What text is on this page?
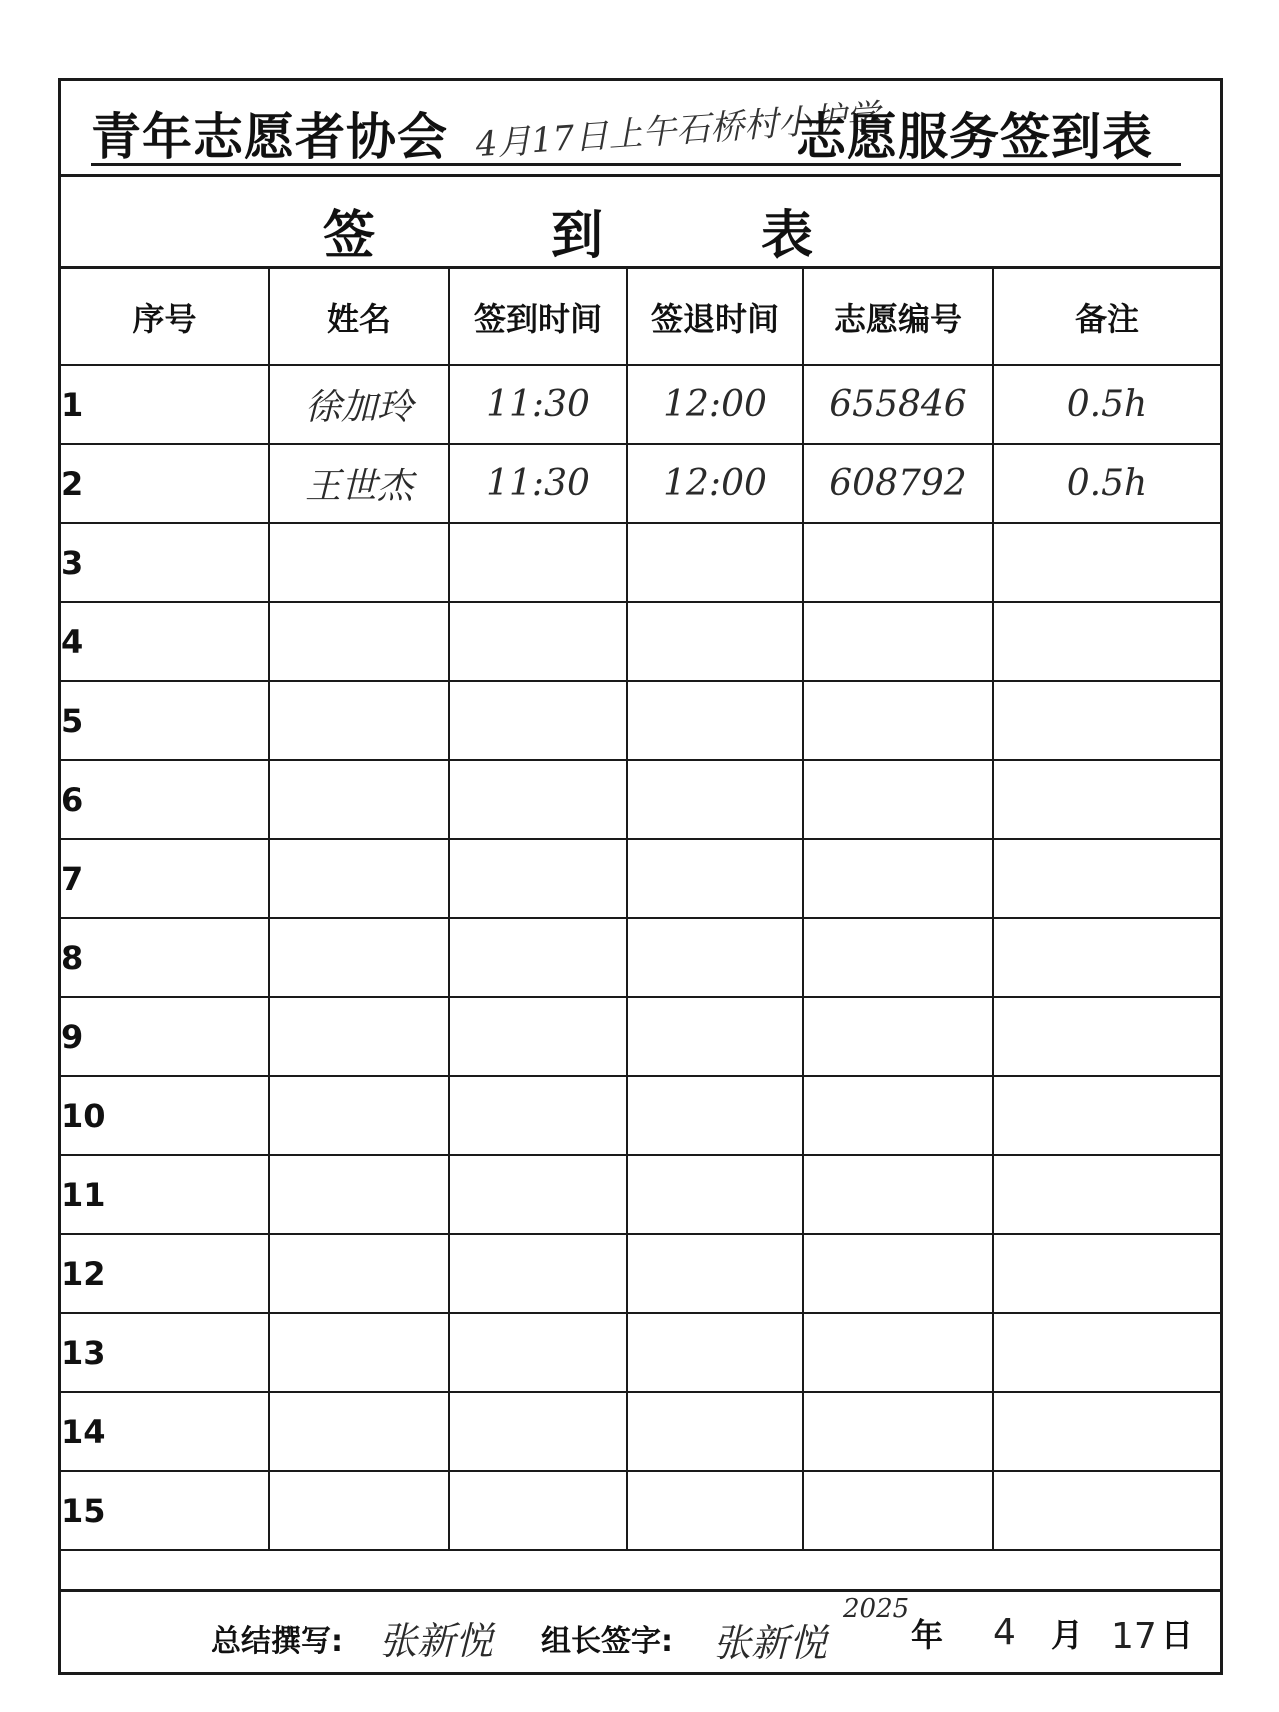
青年志愿者协会 4月17日上午石桥村小护学
志愿服务签到表
签	到	表
序号	姓名	签到时间	签退时间	志愿编号	备注
1	徐加玲	11:30	12:00	655846	0.5h
2	王世杰	11:30	12:00	608792	0.5h
3					
4					
5					
6					
7					
8					
9					
10					
11					
12					
13					
14					
15					
总结撰写: 张新悦 组长签字: 张新悦
2025
年 4 月 17 日
